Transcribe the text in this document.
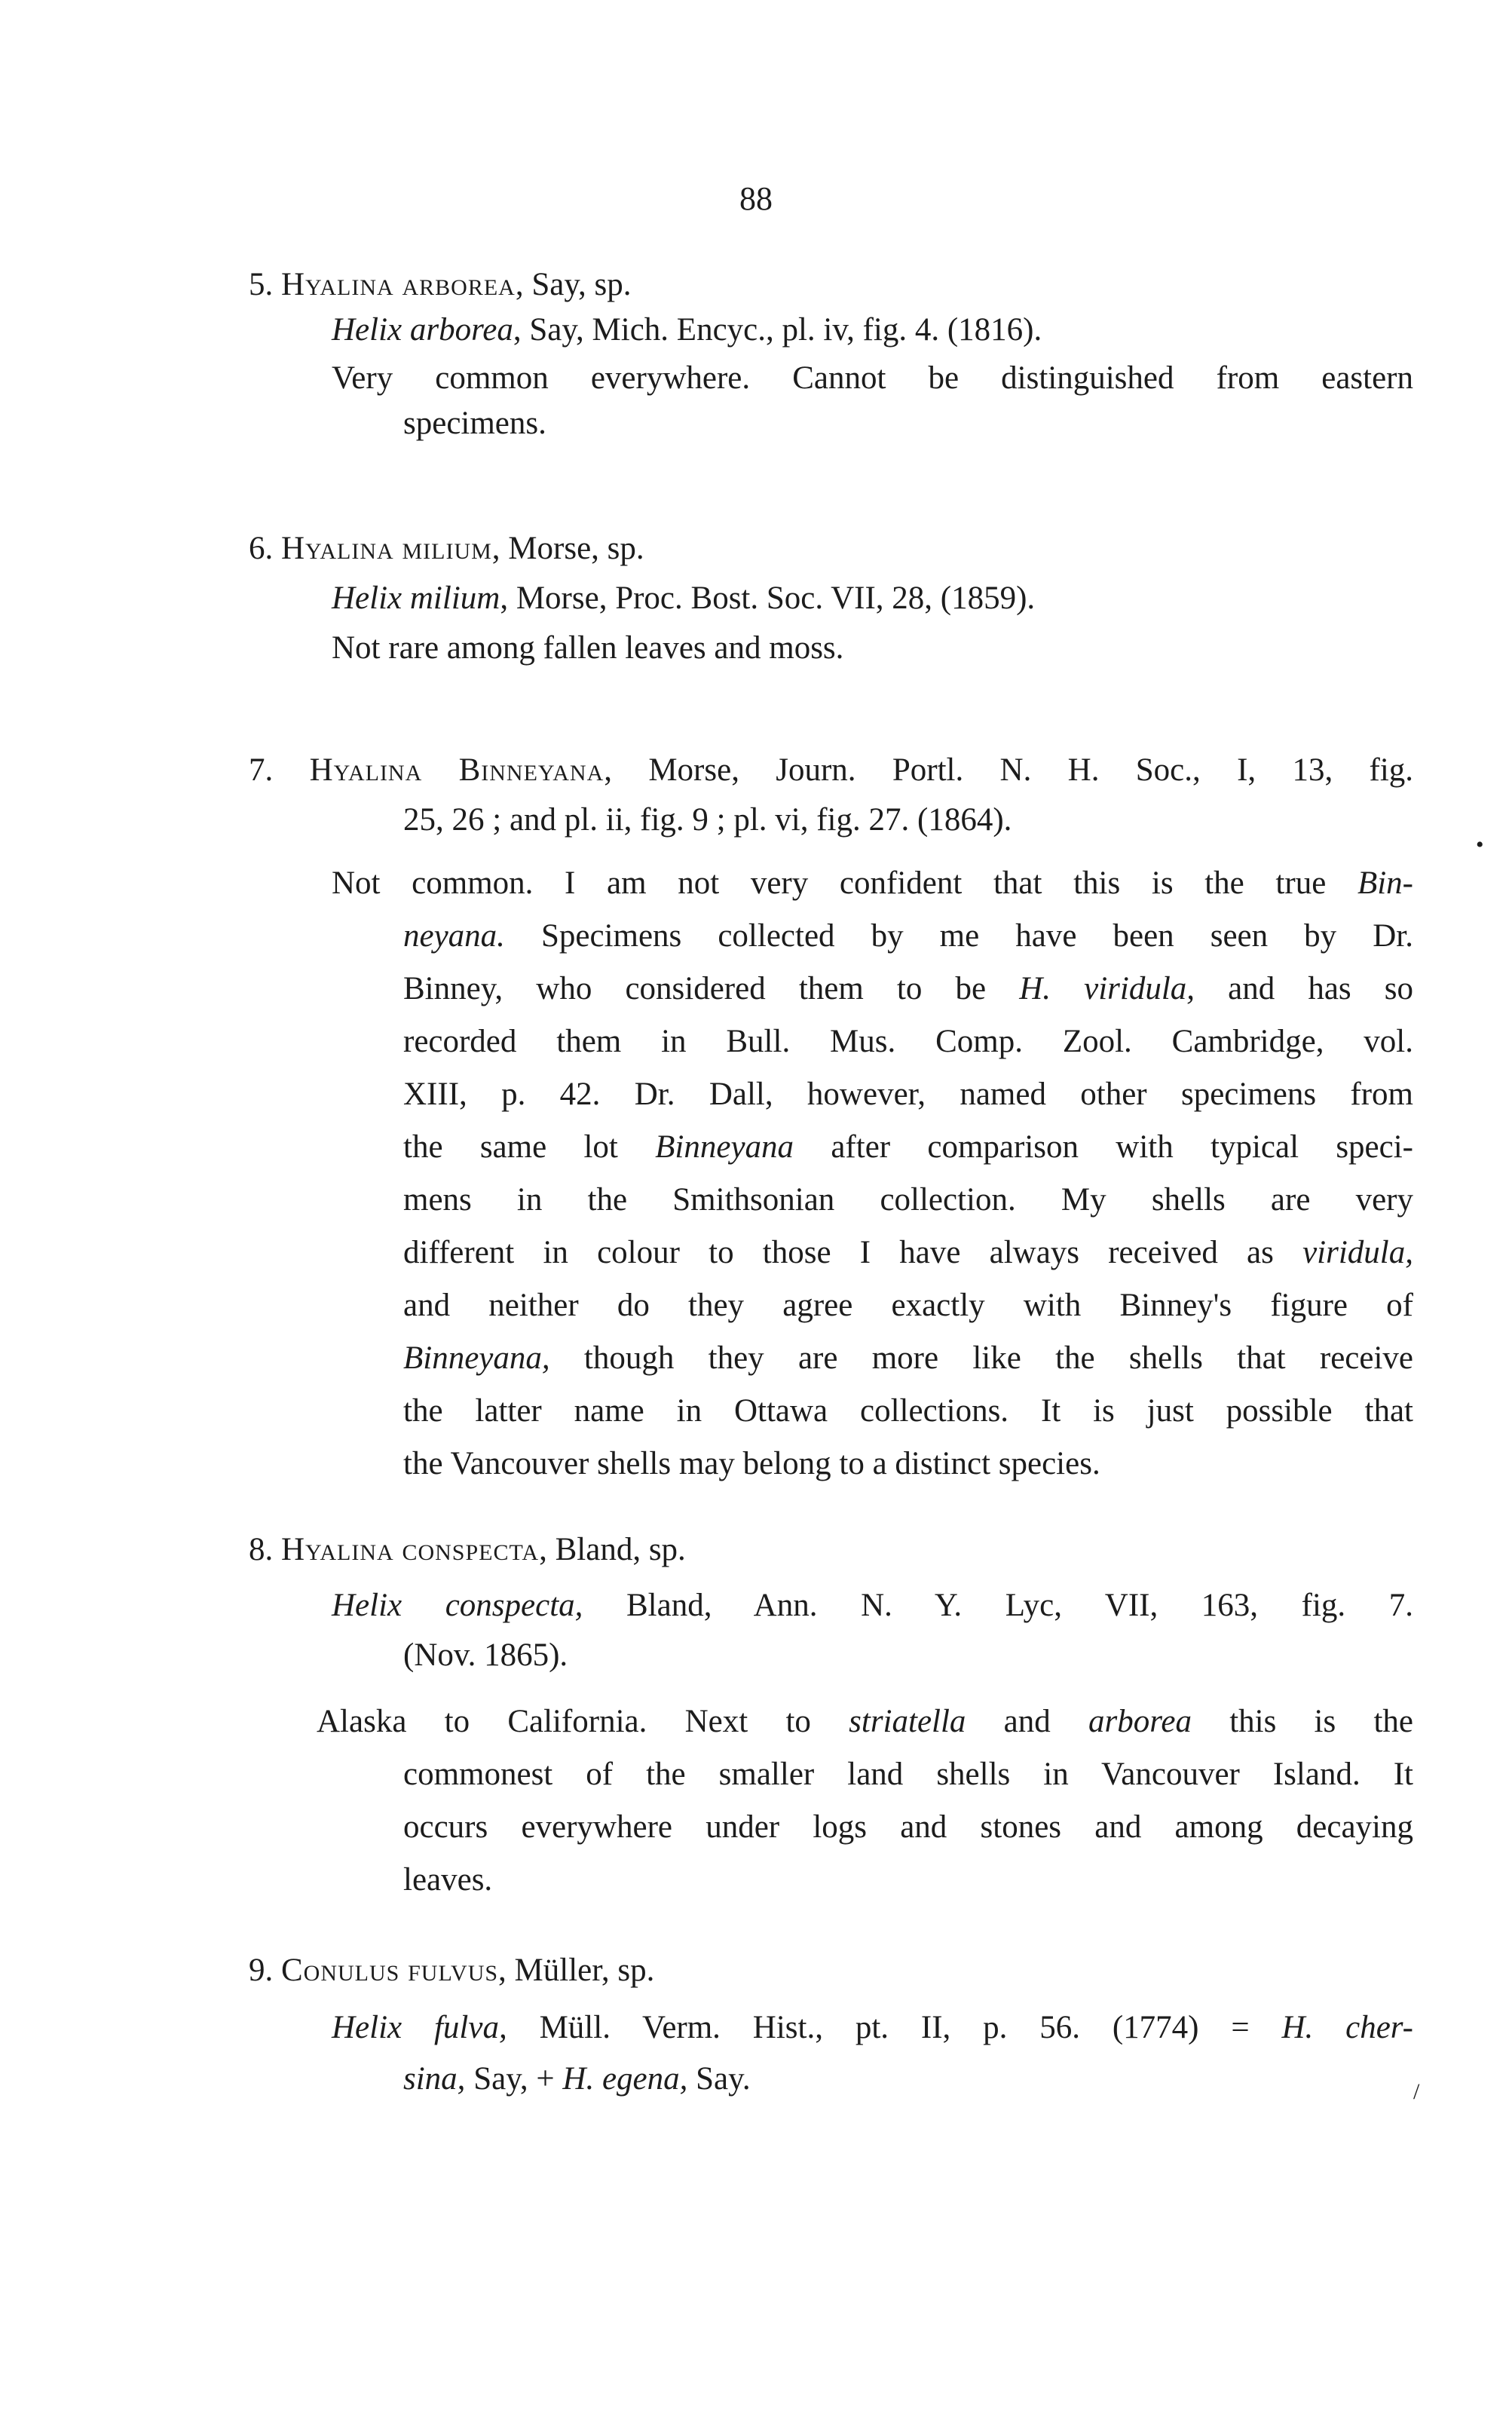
88
5. Hyalina arborea, Say, sp.
Helix arborea, Say, Mich. Encyc., pl. iv, fig. 4. (1816).
Very common everywhere. Cannot be distinguished from eastern
specimens.
6. Hyalina milium, Morse, sp.
Helix milium, Morse, Proc. Bost. Soc. VII, 28, (1859).
Not rare among fallen leaves and moss.
7. Hyalina Binneyana, Morse, Journ. Portl. N. H. Soc., I, 13, fig.
25, 26 ; and pl. ii, fig. 9 ; pl. vi, fig. 27. (1864).
Not common. I am not very confident that this is the true Bin-
neyana. Specimens collected by me have been seen by Dr.
Binney, who considered them to be H. viridula, and has so
recorded them in Bull. Mus. Comp. Zool. Cambridge, vol.
XIII, p. 42. Dr. Dall, however, named other specimens from
the same lot Binneyana after comparison with typical speci-
mens in the Smithsonian collection. My shells are very
different in colour to those I have always received as viridula,
and neither do they agree exactly with Binney's figure of
Binneyana, though they are more like the shells that receive
the latter name in Ottawa collections. It is just possible that
the Vancouver shells may belong to a distinct species.
8. Hyalina conspecta, Bland, sp.
Helix conspecta, Bland, Ann. N. Y. Lyc, VII, 163, fig. 7.
(Nov. 1865).
Alaska to California. Next to striatella and arborea this is the
commonest of the smaller land shells in Vancouver Island. It
occurs everywhere under logs and stones and among decaying
leaves.
9. Conulus fulvus, Müller, sp.
Helix fulva, Müll. Verm. Hist., pt. II, p. 56. (1774) = H. cher-
sina, Say, + H. egena, Say.
•
/
